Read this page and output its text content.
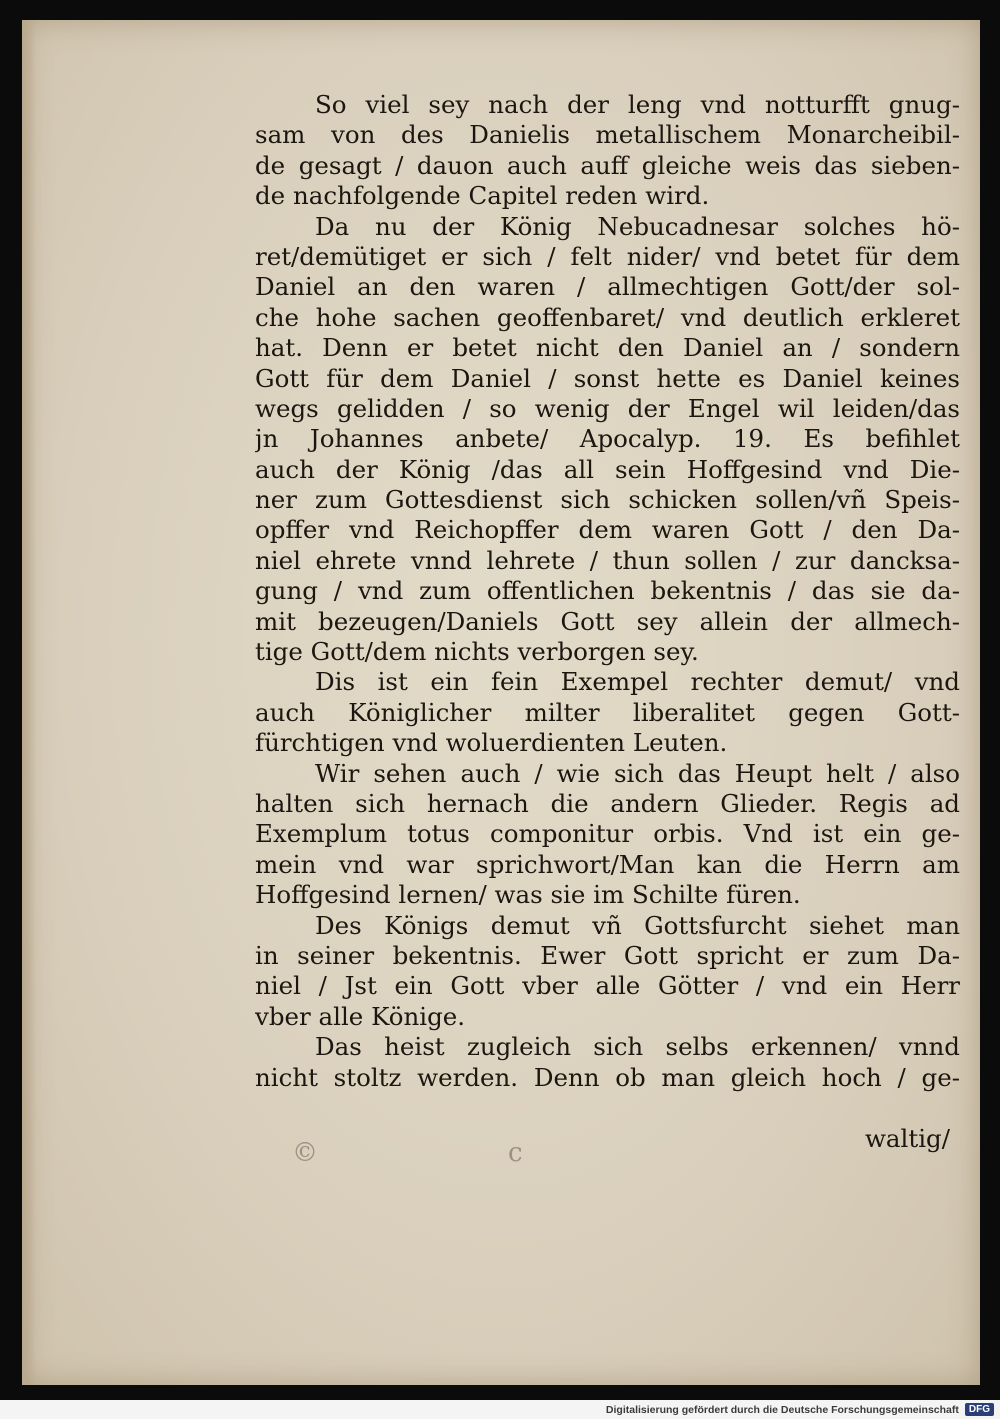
So viel sey nach der leng vnd notturfft gnug-
sam von des Danielis metallischem Monarcheibil-
de gesagt / dauon auch auff gleiche weis das sieben-
de nachfolgende Capitel reden wird.
Da nu der König Nebucadnesar solches hö-
ret/demütiget er sich / felt nider/ vnd betet für dem
Daniel an den waren / allmechtigen Gott/der sol-
che hohe sachen geoffenbaret/ vnd deutlich erkleret
hat. Denn er betet nicht den Daniel an / sondern
Gott für dem Daniel / sonst hette es Daniel keines
wegs gelidden / so wenig der Engel wil leiden/das
jn Johannes anbete/ Apocalyp. 19. Es befihlet
auch der König /das all sein Hoffgesind vnd Die-
ner zum Gottesdienst sich schicken sollen/vñ Speis-
opffer vnd Reichopffer dem waren Gott / den Da-
niel ehrete vnnd lehrete / thun sollen / zur dancksa-
gung / vnd zum offentlichen bekentnis / das sie da-
mit bezeugen/Daniels Gott sey allein der allmech-
tige Gott/dem nichts verborgen sey.
Dis ist ein fein Exempel rechter demut/ vnd
auch Königlicher milter liberalitet gegen Gott-
fürchtigen vnd woluerdienten Leuten.
Wir sehen auch / wie sich das Heupt helt / also
halten sich hernach die andern Glieder. Regis ad
Exemplum totus componitur orbis. Vnd ist ein ge-
mein vnd war sprichwort/Man kan die Herrn am
Hoffgesind lernen/ was sie im Schilte füren.
Des Königs demut vñ Gottsfurcht siehet man
in seiner bekentnis. Ewer Gott spricht er zum Da-
niel / Jst ein Gott vber alle Götter / vnd ein Herr
vber alle Könige.
Das heist zugleich sich selbs erkennen/ vnnd
nicht stoltz werden. Denn ob man gleich hoch / ge-
waltig/
©	c
Digitalisierung gefördert durch die Deutsche Forschungsgemeinschaft	DFG
